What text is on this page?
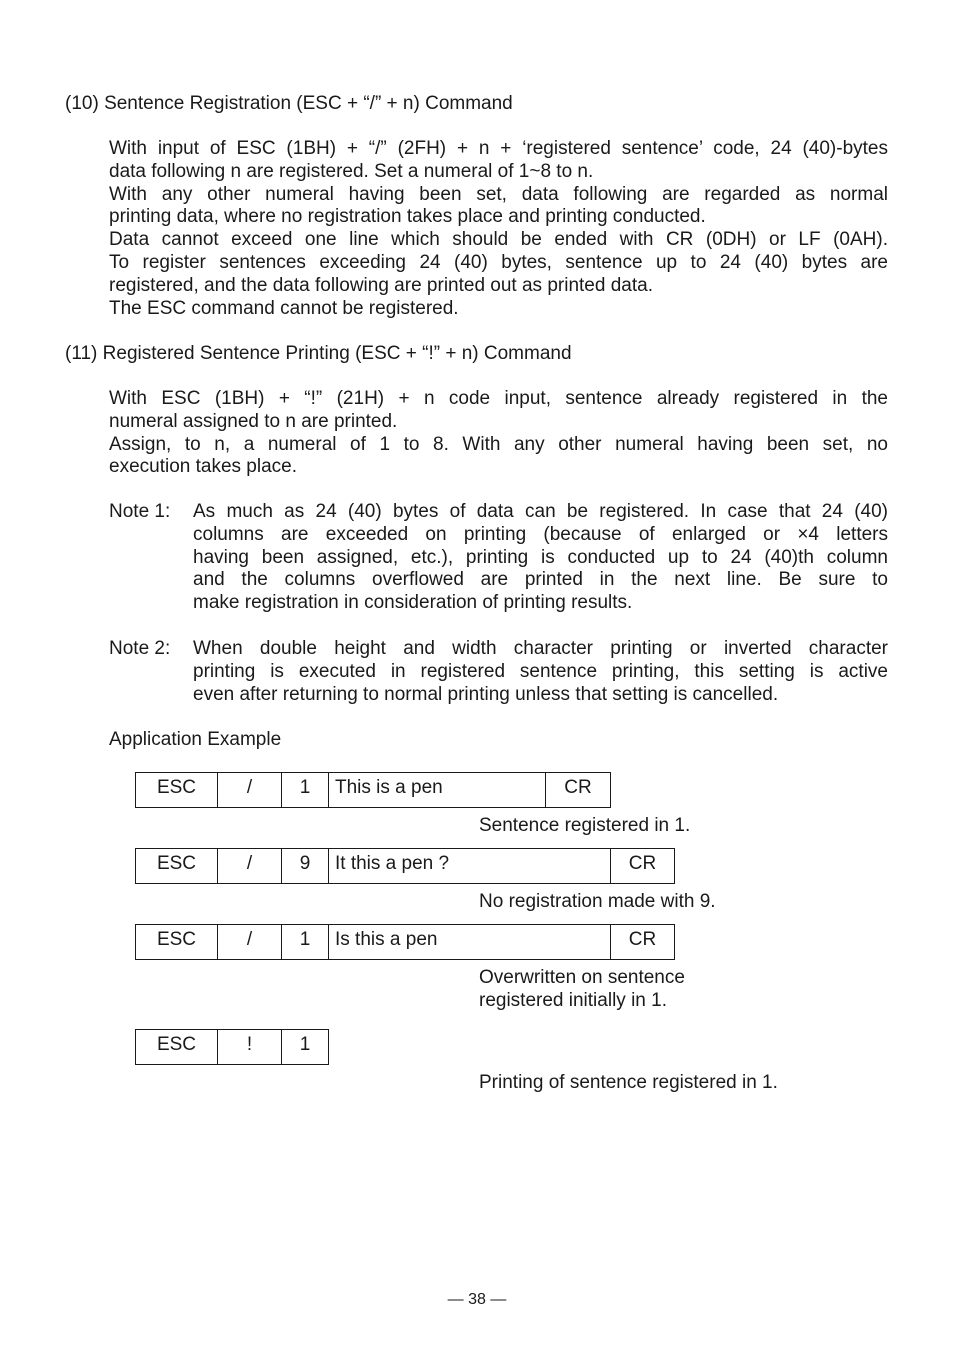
(10) Sentence Registration (ESC + “/” + n) Command
With input of ESC (1BH) + “/” (2FH) + n + ‘registered sentence’ code, 24 (40)-bytes
data following n are registered. Set a numeral of 1~8 to n.
With any other numeral having been set, data following are regarded as normal
printing data, where no registration takes place and printing conducted.
Data cannot exceed one line which should be ended with CR (0DH) or LF (0AH).
To register sentences exceeding 24 (40) bytes, sentence up to 24 (40) bytes are
registered, and the data following are printed out as printed data.
The ESC command cannot be registered.
(11) Registered Sentence Printing (ESC + “!” + n) Command
With ESC (1BH) + “!” (21H) + n code input, sentence already registered in the
numeral assigned to n are printed.
Assign, to n, a numeral of 1 to 8. With any other numeral having been set, no
execution takes place.
Note 1: As much as 24 (40) bytes of data can be registered. In case that 24 (40)
columns are exceeded on printing (because of enlarged or ×4 letters
having been assigned, etc.), printing is conducted up to 24 (40)th column
and the columns overflowed are printed in the next line. Be sure to
make registration in consideration of printing results.
Note 2: When double height and width character printing or inverted character
printing is executed in registered sentence printing, this setting is active
even after returning to normal printing unless that setting is cancelled.
Application Example
ESC	/	1	This is a pen	CR
Sentence registered in 1.
ESC	/	9	It this a pen ?	CR
No registration made with 9.
ESC	/	1	Is this a pen	CR
Overwritten on sentence
registered initially in 1.
ESC	!	1
Printing of sentence registered in 1.
— 38 —
